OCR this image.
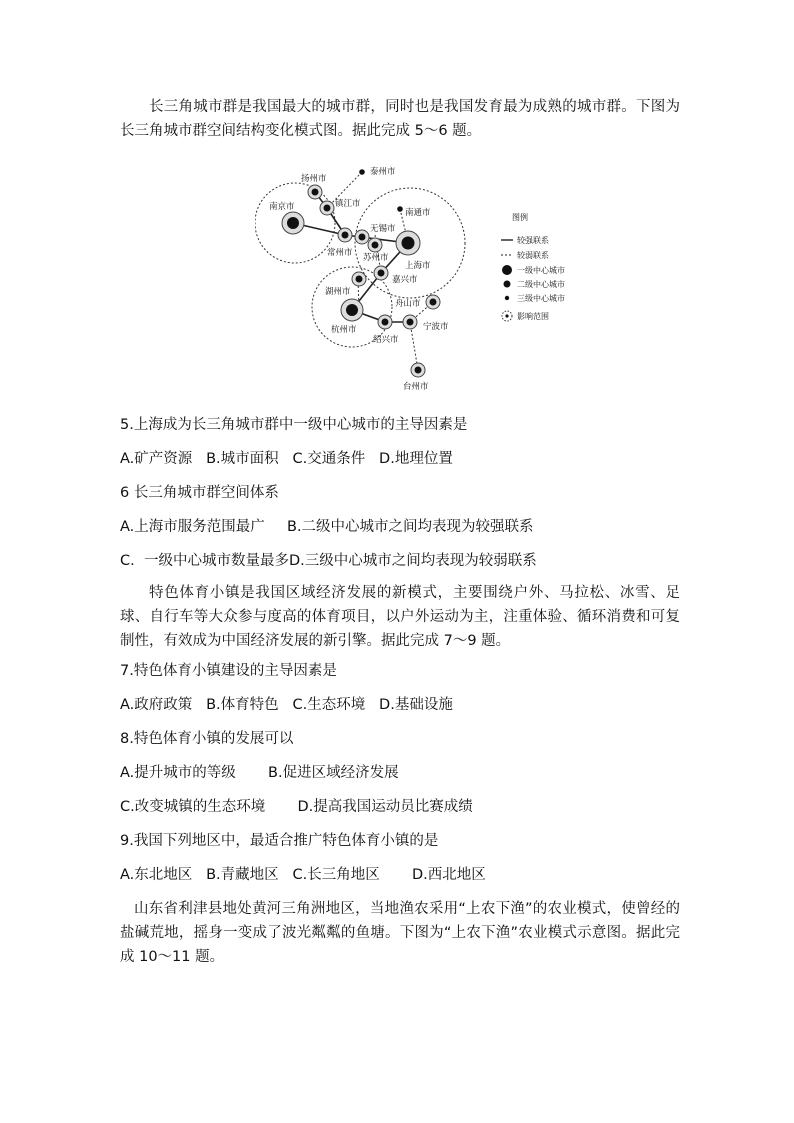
长三角城市群是我国最大的城市群，同时也是我国发育最为成熟的城市群。下图为长三角城市群空间结构变化模式图。据此完成 5～6 题。

扬州市
泰州市
南京市	镇江市
南通市
无锡市
常州市 苏州市
上海市
嘉兴市
湖州市
舟山市
杭州市	宁波市
绍兴市
台州市
图例
较强联系
较弱联系
一级中心城市
二级中心城市
三级中心城市
影响范围

5.上海成为长三角城市群中一级中心城市的主导因素是

A.矿产资源   B.城市面积   C.交通条件   D.地理位置

6 长三角城市群空间体系

A.上海市服务范围最广 B.二级中心城市之间均表现为较强联系

C.  一级中心城市数量最多 D.三级中心城市之间均表现为较弱联系

特色体育小镇是我国区域经济发展的新模式，主要围绕户外、马拉松、冰雪、足球、自行车等大众参与度高的体育项目，以户外运动为主，注重体验、循环消费和可复制性，有效成为中国经济发展的新引擎。据此完成 7～9 题。

7.特色体育小镇建设的主导因素是

A.政府政策   B.体育特色   C.生态环境   D.基础设施

8.特色体育小镇的发展可以

A.提升城市的等级       B.促进区域经济发展

C.改变城镇的生态环境       D.提高我国运动员比赛成绩

9.我国下列地区中，最适合推广特色体育小镇的是

A.东北地区   B.青藏地区   C.长三角地区       D.西北地区

山东省利津县地处黄河三角洲地区，当地渔农采用“上农下渔”的农业模式，使曾经的盐碱荒地，摇身一变成了波光粼粼的鱼塘。下图为“上农下渔”农业模式示意图。据此完成 10～11 题。
